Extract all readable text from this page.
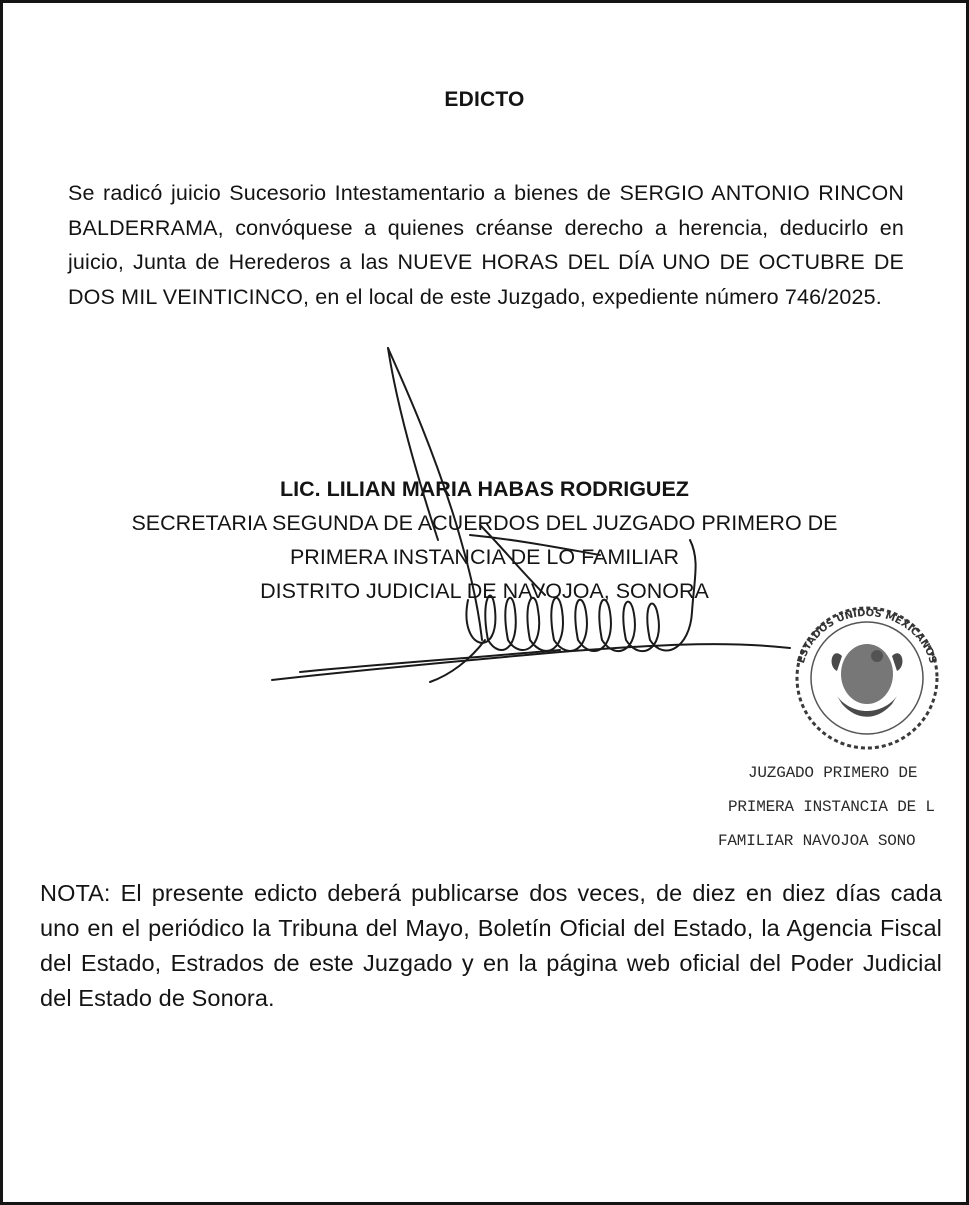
EDICTO
Se radicó juicio Sucesorio Intestamentario a bienes de SERGIO ANTONIO RINCON BALDERRAMA, convóquese a quienes créanse derecho a herencia, deducirlo en juicio, Junta de Herederos a las NUEVE HORAS DEL DÍA UNO DE OCTUBRE DE DOS MIL VEINTICINCO, en el local de este Juzgado, expediente número 746/2025.
LIC. LILIAN MARIA HABAS RODRIGUEZ
SECRETARIA SEGUNDA DE ACUERDOS DEL JUZGADO PRIMERO DE
PRIMERA INSTANCIA DE LO FAMILIAR
DISTRITO JUDICIAL DE NAVOJOA, SONORA
ESTADOS UNIDOS MEXICANOS
JUZGADO PRIMERO DE
PRIMERA INSTANCIA DE L
FAMILIAR NAVOJOA SONO
NOTA: El presente edicto deberá publicarse dos veces, de diez en diez días cada uno en el periódico la Tribuna del Mayo, Boletín Oficial del Estado, la Agencia Fiscal del Estado, Estrados de este Juzgado y en la página web oficial del Poder Judicial del Estado de Sonora.
